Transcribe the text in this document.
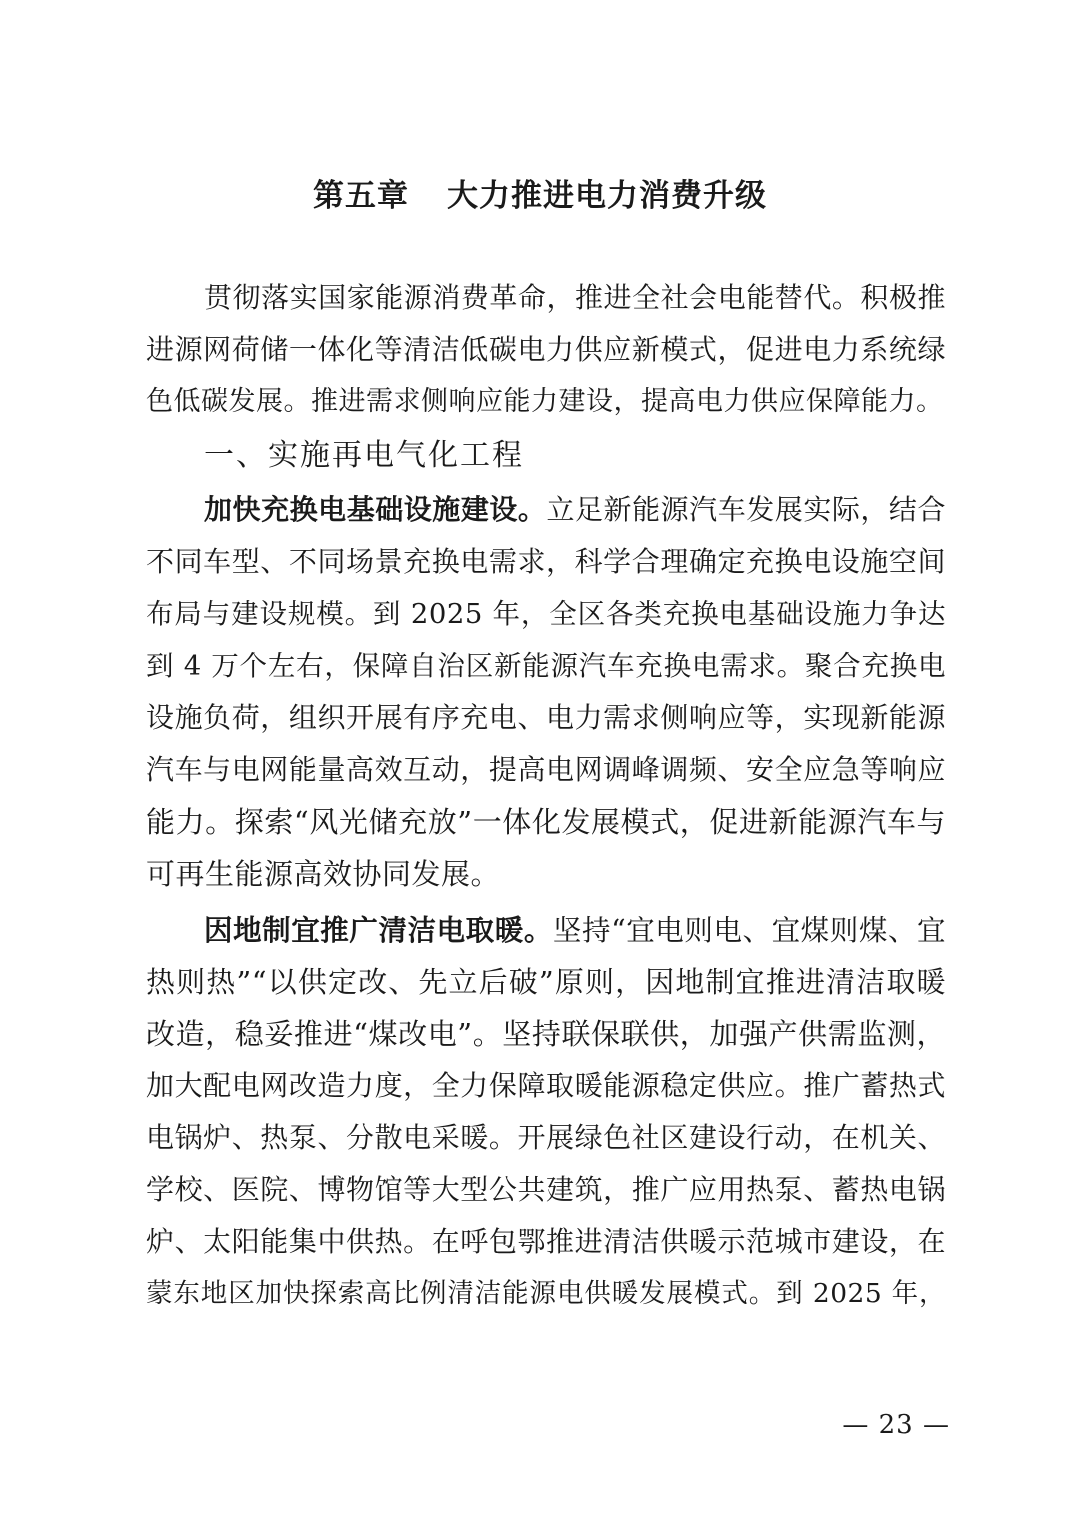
第五章 大力推进电力消费升级
贯彻落实国家能源消费革命，推进全社会电能替代。积极推
进源网荷储一体化等清洁低碳电力供应新模式，促进电力系统绿
色低碳发展。推进需求侧响应能力建设，提高电力供应保障能力。
一、实施再电气化工程
加快充换电基础设施建设。立足新能源汽车发展实际，结合
不同车型、不同场景充换电需求，科学合理确定充换电设施空间
布局与建设规模。到 2025 年，全区各类充换电基础设施力争达
到 4 万个左右，保障自治区新能源汽车充换电需求。聚合充换电
设施负荷，组织开展有序充电、电力需求侧响应等，实现新能源
汽车与电网能量高效互动，提高电网调峰调频、安全应急等响应
能力。探索“风光储充放”一体化发展模式，促进新能源汽车与
可再生能源高效协同发展。
因地制宜推广清洁电取暖。坚持“宜电则电、宜煤则煤、宜
热则热”“以供定改、先立后破”原则，因地制宜推进清洁取暖
改造，稳妥推进“煤改电”。坚持联保联供，加强产供需监测，
加大配电网改造力度，全力保障取暖能源稳定供应。推广蓄热式
电锅炉、热泵、分散电采暖。开展绿色社区建设行动，在机关、
学校、医院、博物馆等大型公共建筑，推广应用热泵、蓄热电锅
炉、太阳能集中供热。在呼包鄂推进清洁供暖示范城市建设，在
蒙东地区加快探索高比例清洁能源电供暖发展模式。到 2025 年，
— 23 —
